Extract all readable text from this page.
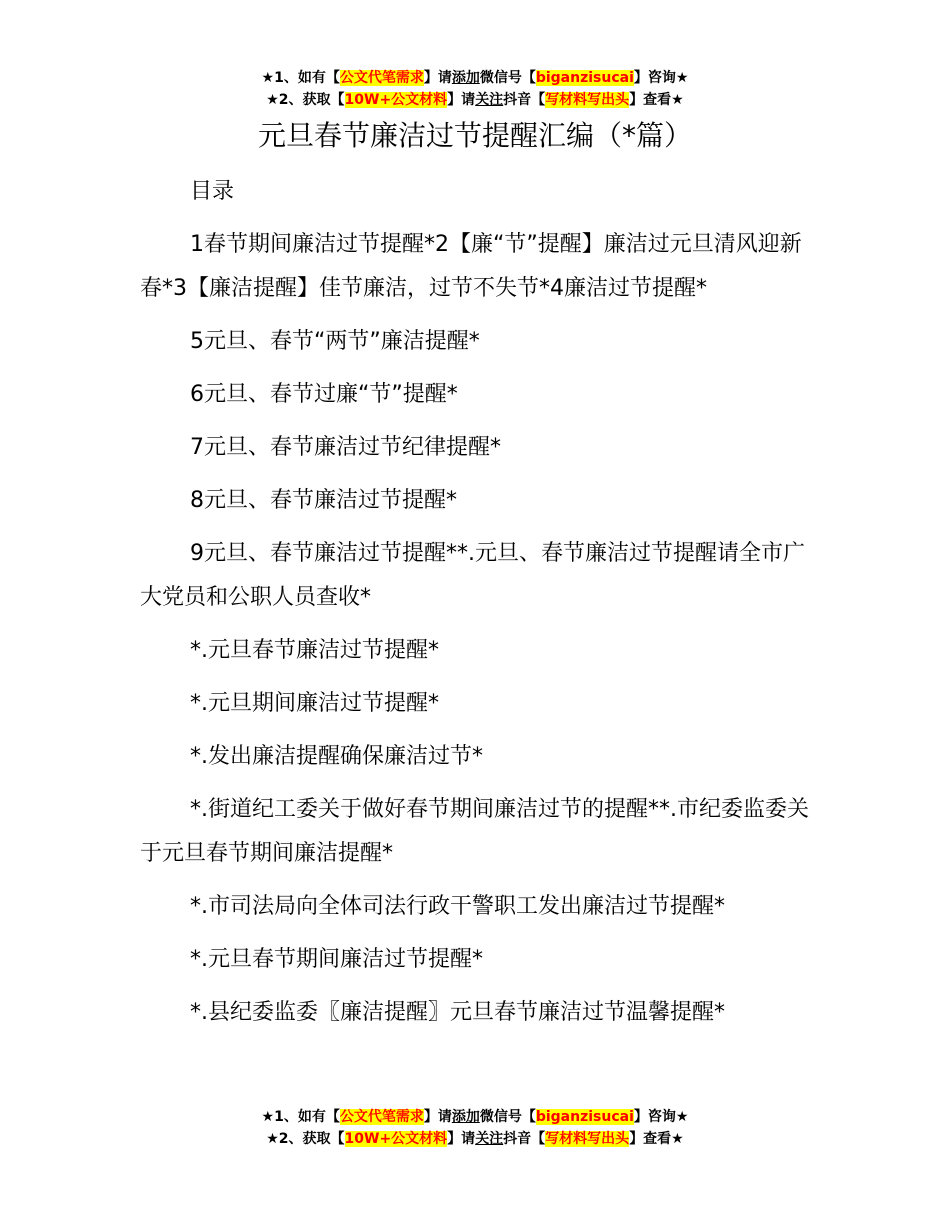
★1、如有【公文代笔需求】请添加微信号【biganzisucai】咨询★
★2、获取【10W+公文材料】请关注抖音【写材料写出头】查看★
元旦春节廉洁过节提醒汇编（*篇）

目录

1春节期间廉洁过节提醒*2【廉“节”提醒】廉洁过元旦清风迎新春*3【廉洁提醒】佳节廉洁，过节不失节*4廉洁过节提醒*

5元旦、春节“两节”廉洁提醒*

6元旦、春节过廉“节”提醒*

7元旦、春节廉洁过节纪律提醒*

8元旦、春节廉洁过节提醒*

9元旦、春节廉洁过节提醒**.元旦、春节廉洁过节提醒请全市广大党员和公职人员查收*

*.元旦春节廉洁过节提醒*

*.元旦期间廉洁过节提醒*

*.发出廉洁提醒确保廉洁过节*

*.街道纪工委关于做好春节期间廉洁过节的提醒**.市纪委监委关于元旦春节期间廉洁提醒*

*.市司法局向全体司法行政干警职工发出廉洁过节提醒*

*.元旦春节期间廉洁过节提醒*

*.县纪委监委〖廉洁提醒〗元旦春节廉洁过节温馨提醒*

★1、如有【公文代笔需求】请添加微信号【biganzisucai】咨询★
★2、获取【10W+公文材料】请关注抖音【写材料写出头】查看★
